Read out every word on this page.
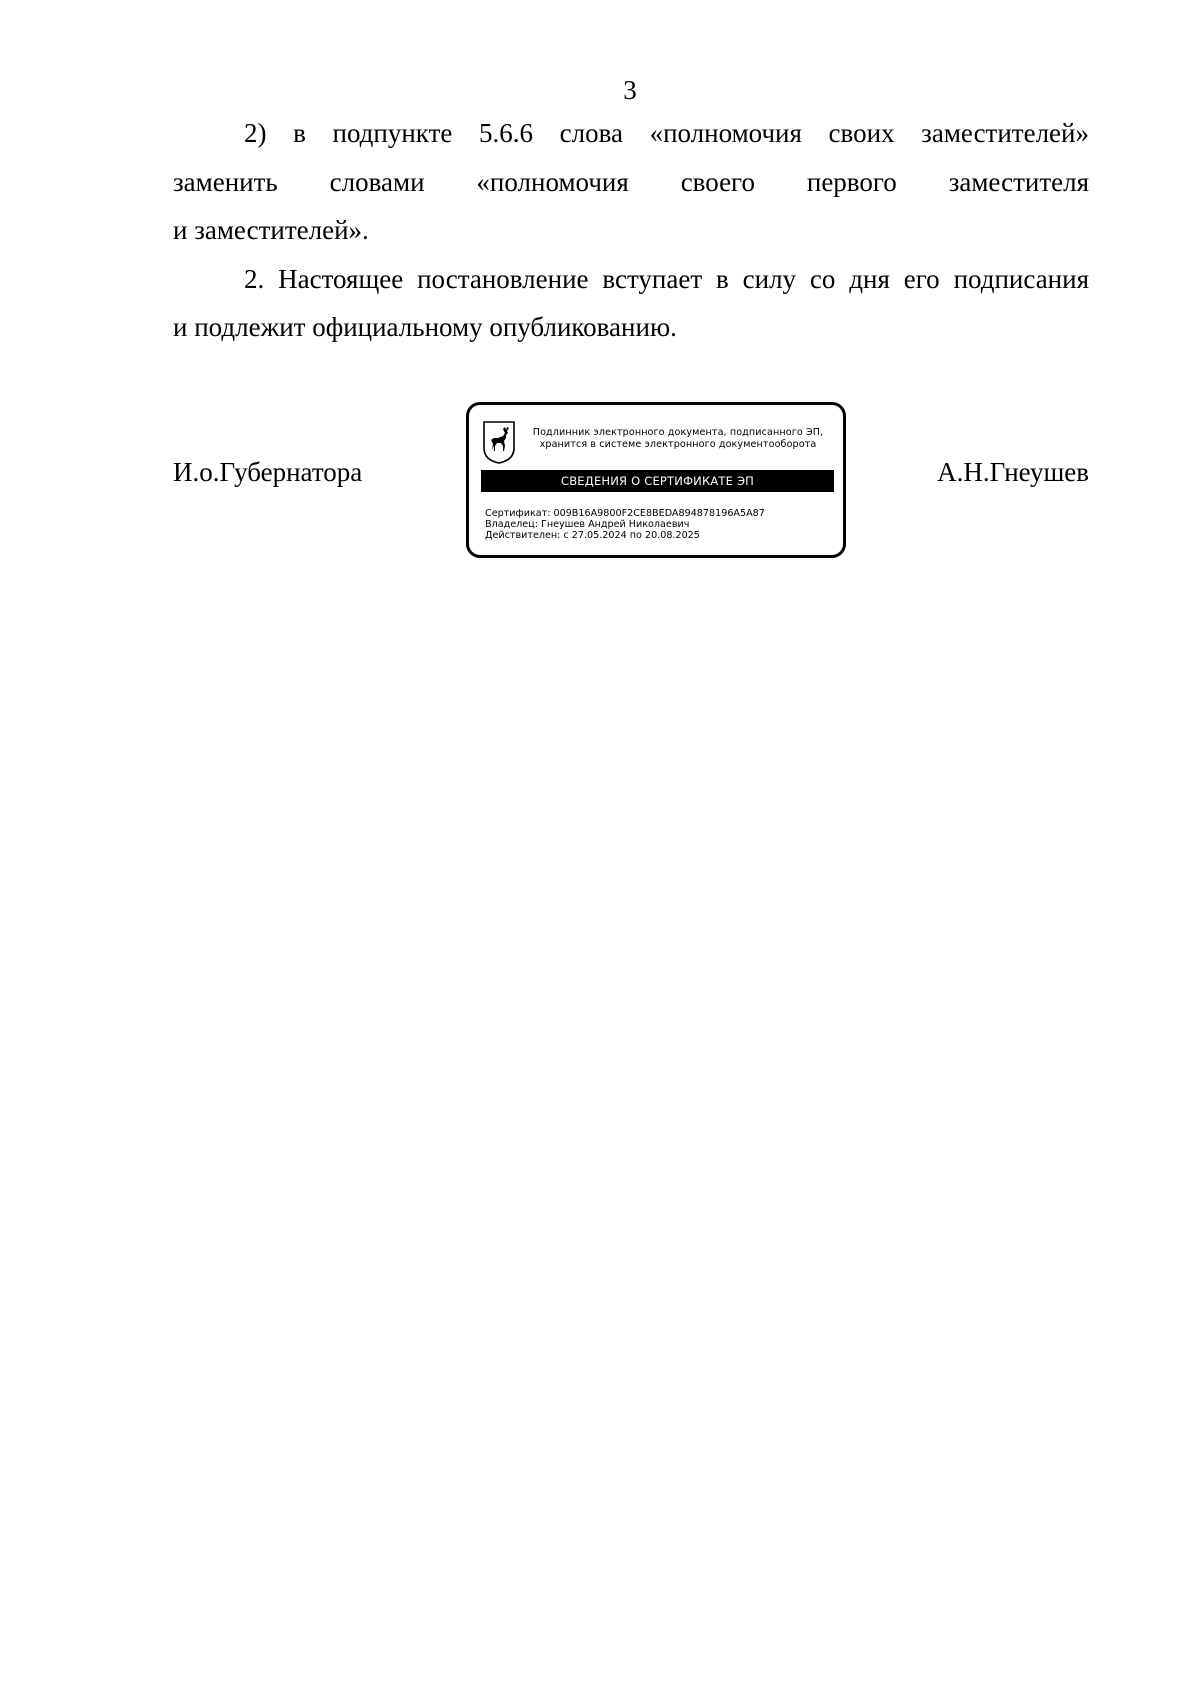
3

2) в подпункте 5.6.6 слова «полномочия своих заместителей»
заменить словами «полномочия своего первого заместителя
и заместителей».

2. Настоящее постановление вступает в силу со дня его подписания
и подлежит официальному опубликованию.

И.о.Губернатора	А.Н.Гнеушев
Подлинник электронного документа, подписанного ЭП,
хранится в системе электронного документооборота
СВЕДЕНИЯ О СЕРТИФИКАТЕ ЭП
Сертификат: 009B16A9800F2CE8BEDA894878196A5A87
Владелец: Гнеушев Андрей Николаевич
Действителен: с 27.05.2024 по 20.08.2025
